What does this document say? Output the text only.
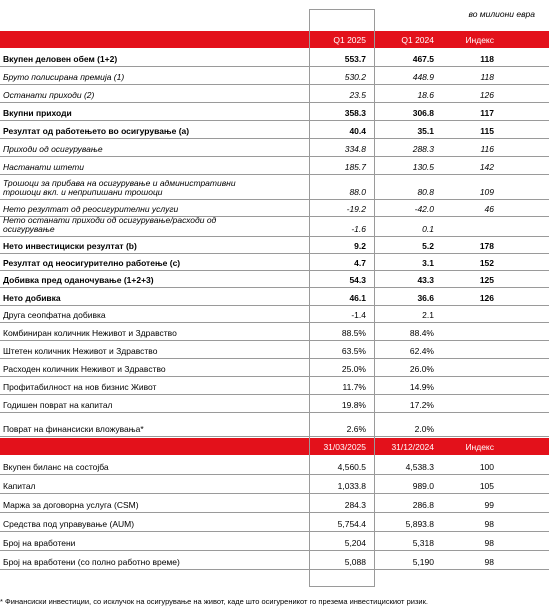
во милиони евра
Q1 2025	Q1 2024	Индекс
Вкупен деловен обем (1+2)	553.7	467.5	118
Бруто полисирана премија (1)	530.2	448.9	118
Останати приходи (2)	23.5	18.6	126
Вкупни приходи	358.3	306.8	117
Резултат од работењето во осигурување (a)	40.4	35.1	115
Приходи од осигурување	334.8	288.3	116
Настанати штети	185.7	130.5	142
Трошоци за прибава на осигурување и административни
трошоци вкл. и неприпишани трошоци	88.0	80.8	109
Нето резултат од реосигурителни услуги	-19.2	-42.0	46
Нето останати приходи од осигурување/расходи од
осигурување	-1.6	0.1
Нето инвестициски резултат (b)	9.2	5.2	178
Резултат од неосигурително работење (c)	4.7	3.1	152
Добивка пред оданочување (1+2+3)	54.3	43.3	125
Нето добивка	46.1	36.6	126
Друга сеопфатна добивка	-1.4	2.1
Комбиниран количник Неживот и Здравство	88.5%	88.4%
Штетен количник Неживот и Здравство	63.5%	62.4%
Расходен количник Неживот и Здравство	25.0%	26.0%
Профитабилност на нов бизнис Живот	11.7%	14.9%
Годишен поврат на капитал	19.8%	17.2%
Поврат на финансиски вложувања*	2.6%	2.0%
31/03/2025	31/12/2024	Индекс
Вкупен биланс на состојба	4,560.5	4,538.3	100
Капитал	1,033.8	989.0	105
Маржа за договорна услуга (CSM)	284.3	286.8	99
Средства под управување (AUM)	5,754.4	5,893.8	98
Број на вработени	5,204	5,318	98
Број на вработени (со полно работно време)	5,088	5,190	98
* Финансиски инвестиции, со исклучок на осигурување на живот, каде што осигуреникот го презема инвестицискиот ризик.
